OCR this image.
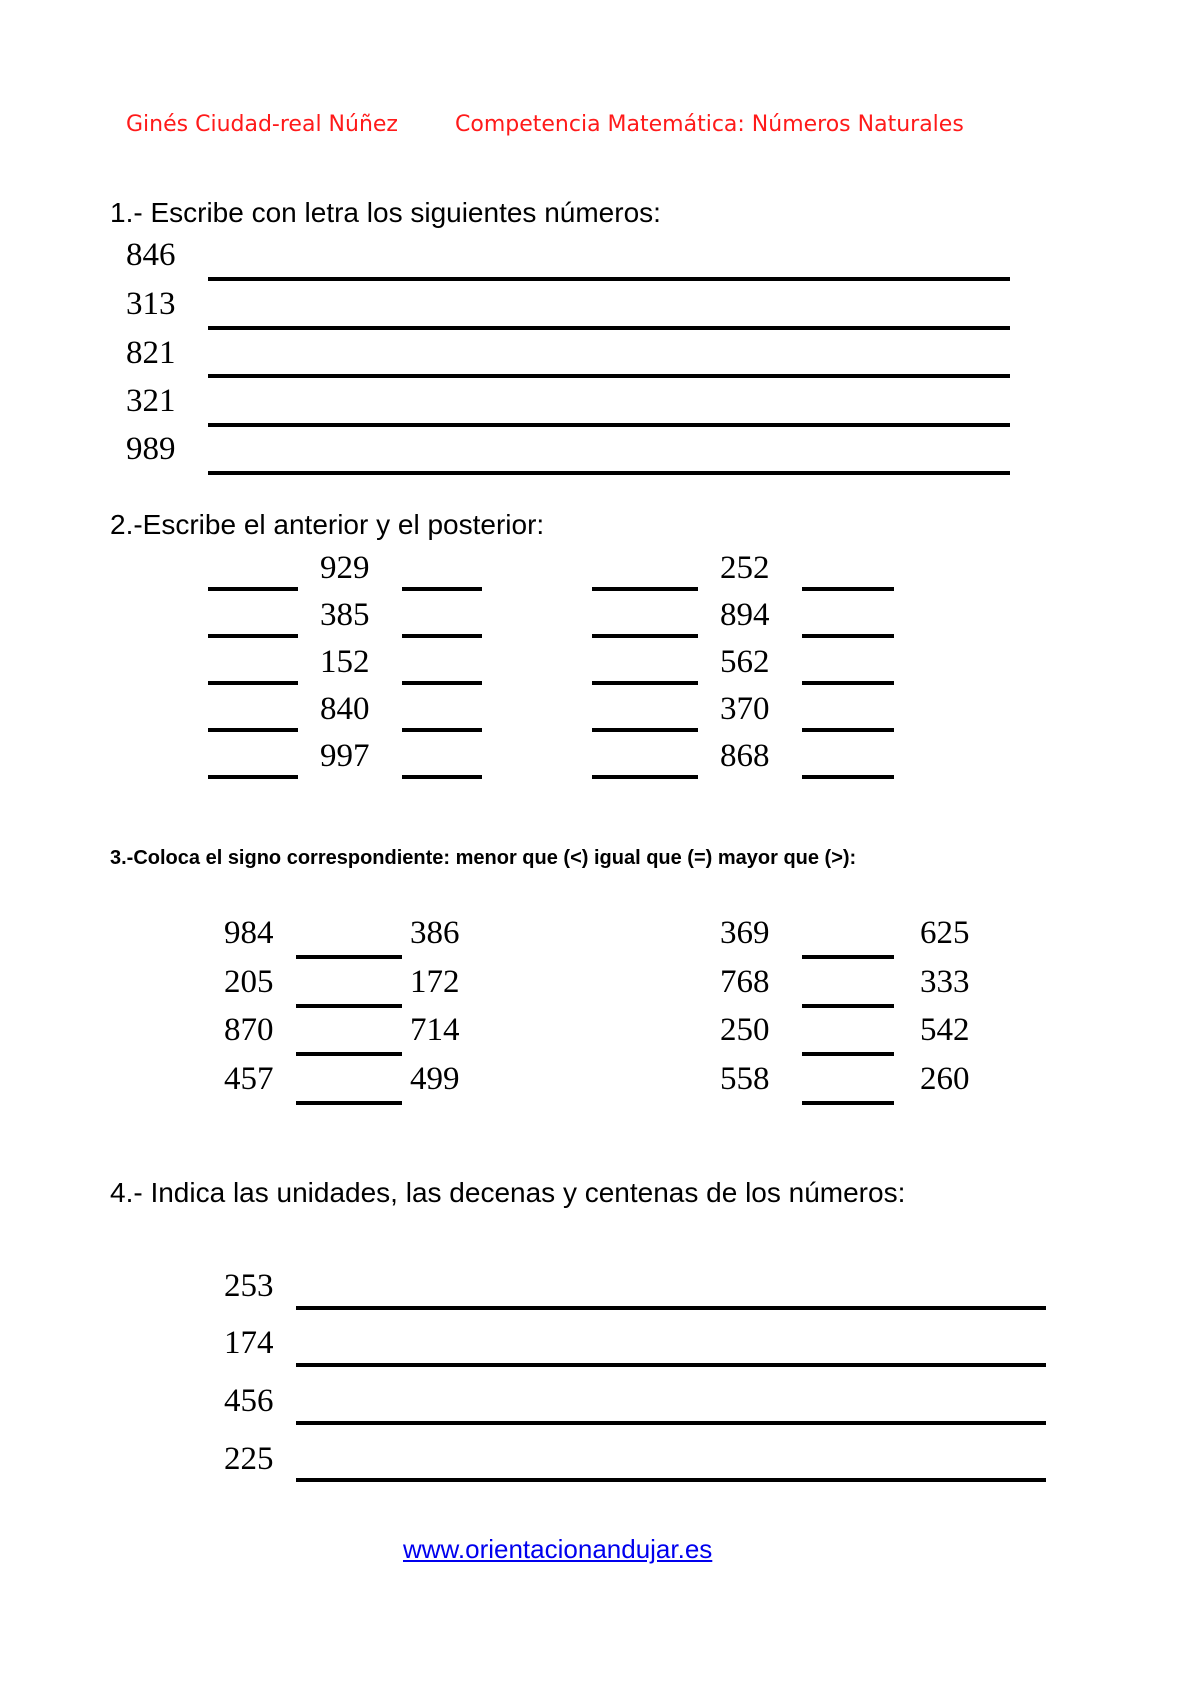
Ginés Ciudad-real Núñez	Competencia Matemática: Números Naturales
1.- Escribe con letra los siguientes números:
846
313
821
321
989
2.-Escribe el anterior y el posterior:
929	252
385	894
152	562
840	370
997	868
3.-Coloca el signo correspondiente: menor que (<) igual que (=) mayor que (>):
984	386
205	172
870	714
457	499
369	625
768	333
250	542
558	260
4.- Indica las unidades, las decenas y centenas de los números:
253
174
456
225
www.orientacionandujar.es
